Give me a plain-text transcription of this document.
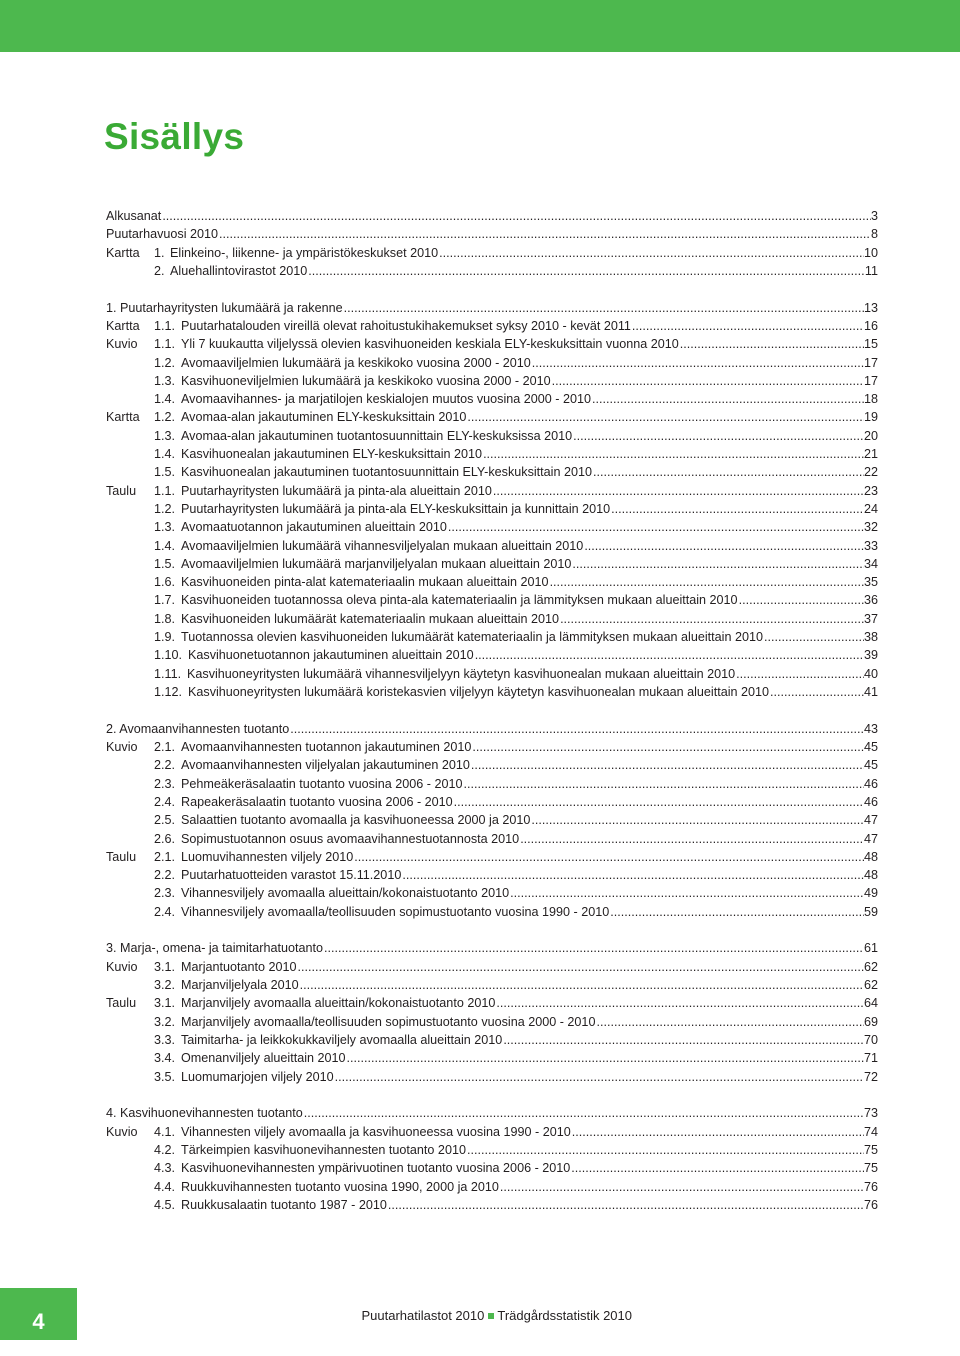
Sisällys
Alkusanat .....	3
Puutarhavuosi 2010 .....	8
Kartta 1. Elinkeino-, liikenne- ja ympäristökeskukset 2010 .....	10
2. Aluehallintovirastot 2010 .....	11
1. Puutarhayritysten lukumäärä ja rakenne .....	13
Kartta 1.1. Puutarhatalouden vireillä olevat rahoitustukihakemukset syksy 2010 - kevät 2011 .....	16
Kuvio 1.1. Yli 7 kuukautta viljelyssä olevien kasvihuoneiden keskiala ELY-keskuksittain vuonna 2010 .....	15
1.2. Avomaaviljelmien lukumäärä ja keskikoko vuosina 2000 - 2010 .....	17
1.3. Kasvihuoneviljelmien lukumäärä ja keskikoko vuosina 2000 - 2010 .....	17
1.4. Avomaavihannes- ja marjatilojen keskialojen muutos vuosina 2000 - 2010 .....	18
Kartta 1.2. Avomaa-alan jakautuminen ELY-keskuksittain 2010 .....	19
1.3. Avomaa-alan jakautuminen tuotantosuunnittain ELY-keskuksissa 2010 .....	20
1.4. Kasvihuonealan jakautuminen ELY-keskuksittain 2010 .....	21
1.5. Kasvihuonealan jakautuminen tuotantosuunnittain ELY-keskuksittain 2010 .....	22
Taulu 1.1. Puutarhayritysten lukumäärä ja pinta-ala alueittain 2010 .....	23
1.2. Puutarhayritysten lukumäärä ja pinta-ala ELY-keskuksittain ja kunnittain 2010 .....	24
1.3. Avomaatuotannon jakautuminen alueittain 2010 .....	32
1.4. Avomaaviljelmien lukumäärä vihannesviljelyalan mukaan alueittain 2010 .....	33
1.5. Avomaaviljelmien lukumäärä marjanviljelyalan mukaan alueittain 2010 .....	34
1.6. Kasvihuoneiden pinta-alat katemateriaalin mukaan alueittain 2010 .....	35
1.7. Kasvihuoneiden tuotannossa oleva pinta-ala katemateriaalin ja lämmityksen mukaan alueittain 2010 .....	36
1.8. Kasvihuoneiden lukumäärät katemateriaalin mukaan alueittain 2010 .....	37
1.9. Tuotannossa olevien kasvihuoneiden lukumäärät katemateriaalin ja lämmityksen mukaan alueittain 2010 .....	38
1.10. Kasvihuonetuotannon jakautuminen alueittain 2010 .....	39
1.11. Kasvihuoneyritysten lukumäärä vihannesviljelyyn käytetyn kasvihuonealan mukaan alueittain 2010 .....	40
1.12. Kasvihuoneyritysten lukumäärä koristekasvien viljelyyn käytetyn kasvihuonealan mukaan alueittain 2010 .....	41
2. Avomaanvihannesten tuotanto .....	43
Kuvio 2.1. Avomaanvihannesten tuotannon jakautuminen 2010 .....	45
2.2. Avomaanvihannesten viljelyalan jakautuminen 2010 .....	45
2.3. Pehmeäkeräsalaatin tuotanto vuosina 2006 - 2010 .....	46
2.4. Rapeakeräsalaatin tuotanto vuosina 2006 - 2010 .....	46
2.5. Salaattien tuotanto avomaalla ja kasvihuoneessa 2000 ja 2010 .....	47
2.6. Sopimustuotannon osuus avomaavihannestuotannosta 2010 .....	47
Taulu 2.1. Luomuvihannesten viljely 2010 .....	48
2.2. Puutarhatuotteiden varastot 15.11.2010 .....	48
2.3. Vihannesviljely avomaalla alueittain/kokonaistuotanto 2010 .....	49
2.4. Vihannesviljely avomaalla/teollisuuden sopimustuotanto vuosina 1990 - 2010 .....	59
3. Marja-, omena- ja taimitarhatuotanto .....	61
Kuvio 3.1. Marjantuotanto 2010 .....	62
3.2. Marjanviljelyala 2010 .....	62
Taulu 3.1. Marjanviljely avomaalla alueittain/kokonaistuotanto 2010 .....	64
3.2. Marjanviljely avomaalla/teollisuuden sopimustuotanto vuosina 2000 - 2010 .....	69
3.3. Taimitarha- ja leikkokukkaviljely avomaalla alueittain 2010 .....	70
3.4. Omenanviljely alueittain 2010 .....	71
3.5. Luomumarjojen viljely 2010 .....	72
4. Kasvihuonevihannesten tuotanto .....	73
Kuvio 4.1. Vihannesten viljely avomaalla ja kasvihuoneessa vuosina 1990 - 2010 .....	74
4.2. Tärkeimpien kasvihuonevihannesten tuotanto 2010 .....	75
4.3. Kasvihuonevihannesten ympärivuotinen tuotanto vuosina 2006 - 2010 .....	75
4.4. Ruukkuvihannesten tuotanto vuosina 1990, 2000 ja 2010 .....	76
4.5. Ruukkusalaatin tuotanto 1987 - 2010 .....	76
4	Puutarhatilastot 2010 Trädgårdsstatistik 2010
